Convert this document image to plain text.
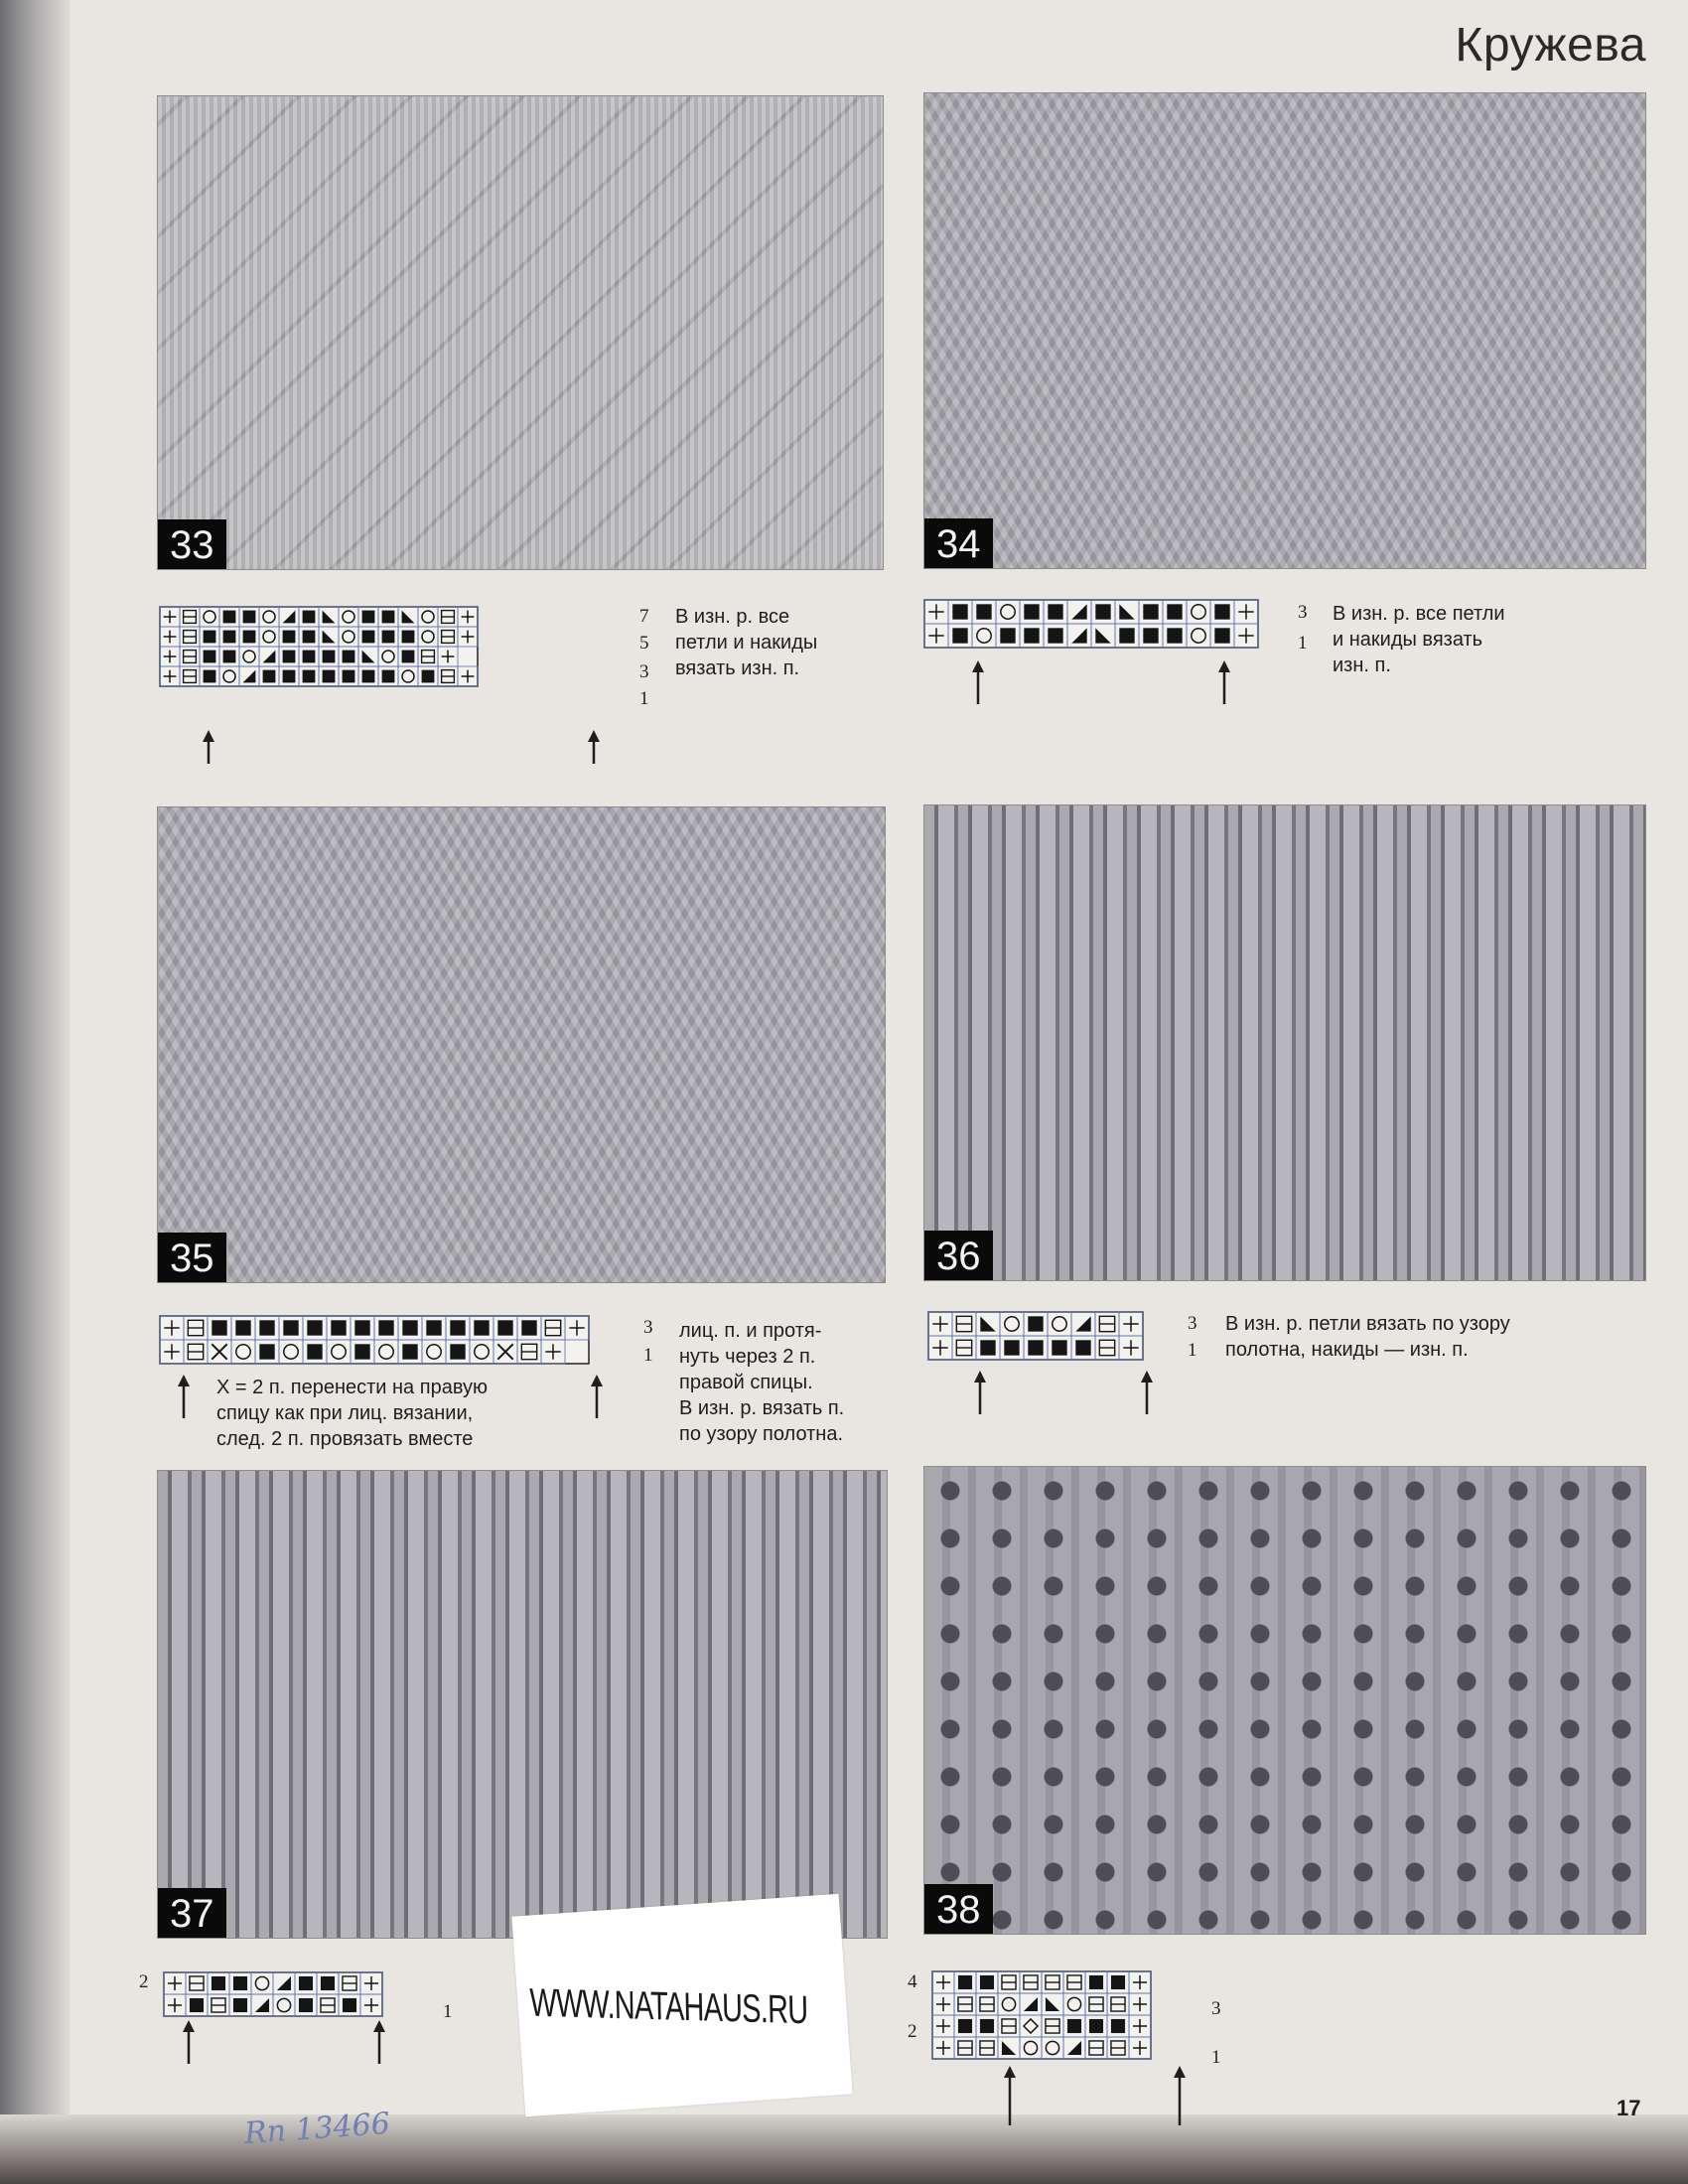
Кружева
33	34
35	36
37	38
7
5
3
1
3
1
3
1
3
1
2
1
4
3
2
1

В изн. р. все

петли и накиды

вязать изн. п.

В изн. р. все петли

и накиды вязать

изн. п.

X = 2 п. перенести на правую

спицу как при лиц. вязании,

след. 2 п. провязать вместе

лиц. п. и протя-

нуть через 2 п.

правой спицы.

В изн. р. вязать п.

по узору полотна.

В изн. р. петли вязать по узору

полотна, накиды — изн. п.

WWW.NATAHAUS.RU
Rn 13466	17
